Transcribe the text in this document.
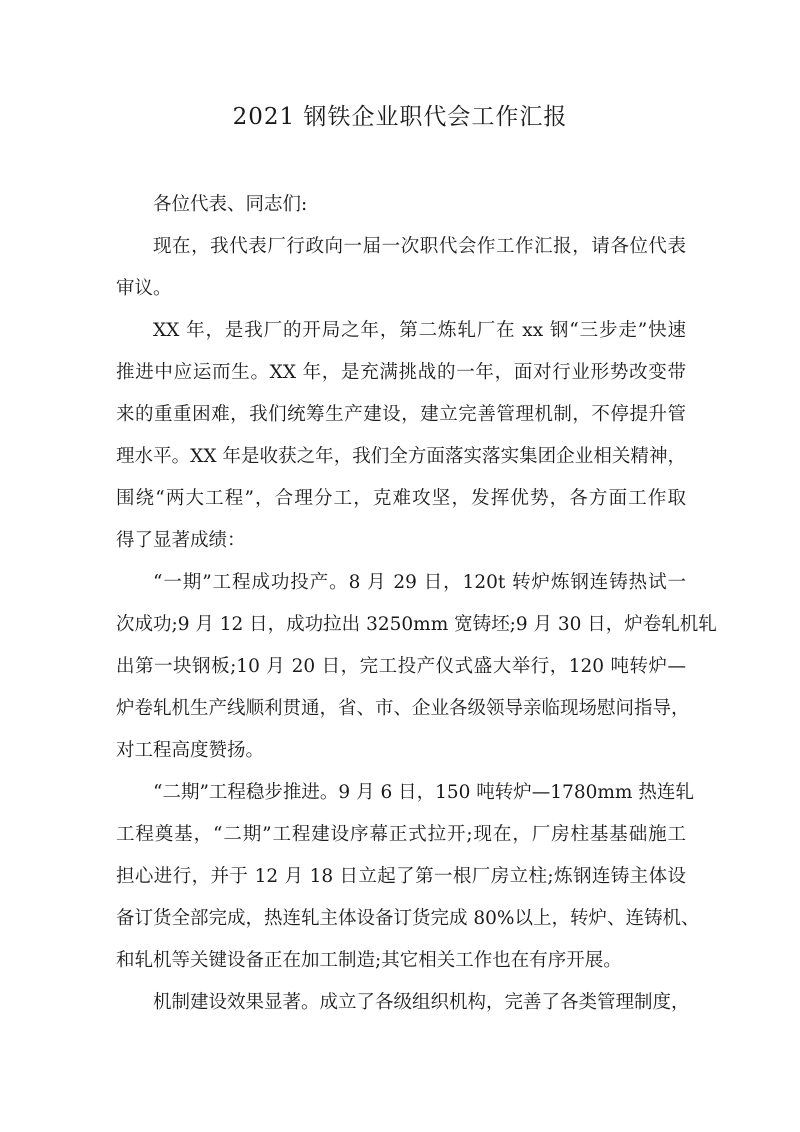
2021 钢铁企业职代会工作汇报

各位代表、同志们:

现在，我代表厂行政向一届一次职代会作工作汇报，请各位代表

审议。

XX 年，是我厂的开局之年，第二炼轧厂在 xx 钢“三步走”快速

推进中应运而生。XX 年，是充满挑战的一年，面对行业形势改变带

来的重重困难，我们统筹生产建设，建立完善管理机制，不停提升管

理水平。XX 年是收获之年，我们全方面落实落实集团企业相关精神，

围绕“两大工程”，合理分工，克难攻坚，发挥优势，各方面工作取

得了显著成绩：

“一期”工程成功投产。8 月 29 日，120t 转炉炼钢连铸热试一

次成功;9 月 12 日，成功拉出 3250mm 宽铸坯;9 月 30 日，炉卷轧机轧

出第一块钢板;10 月 20 日，完工投产仪式盛大举行，120 吨转炉—

炉卷轧机生产线顺利贯通，省、市、企业各级领导亲临现场慰问指导，

对工程高度赞扬。

“二期”工程稳步推进。9 月 6 日，150 吨转炉—1780mm 热连轧

工程奠基，“二期”工程建设序幕正式拉开;现在，厂房柱基基础施工

担心进行，并于 12 月 18 日立起了第一根厂房立柱;炼钢连铸主体设

备订货全部完成，热连轧主体设备订货完成 80%以上，转炉、连铸机、

和轧机等关键设备正在加工制造;其它相关工作也在有序开展。

机制建设效果显著。成立了各级组织机构，完善了各类管理制度，
